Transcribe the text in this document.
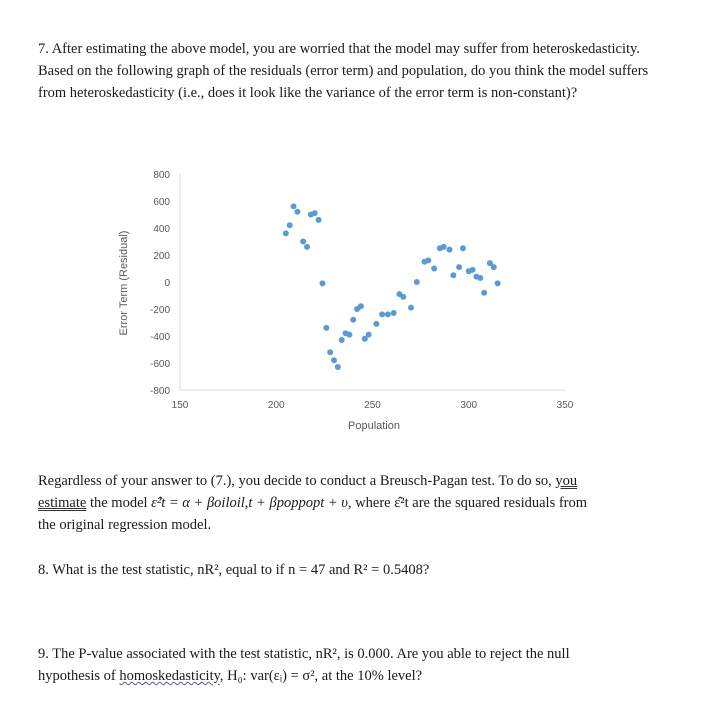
7. After estimating the above model, you are worried that the model may suffer from heteroskedasticity. Based on the following graph of the residuals (error term) and population, do you think the model suffers from heteroskedasticity (i.e., does it look like the variance of the error term is non-constant)?
800
600
400
200
0
-200
-400
-600
-800
150	200	250	300	350
Population
Error Term (Residual)
Regardless of your answer to (7.), you decide to conduct a Breusch-Pagan test. To do so, you
estimate the model ε̂²t = α + βoiloil,t + βpoppopt + υ, where ε̂²t are the squared residuals from
the original regression model.
8. What is the test statistic, nR², equal to if n = 47 and R² = 0.5408?
9. The P-value associated with the test statistic, nR², is 0.000. Are you able to reject the null
hypothesis of homoskedasticity, H₀: var(εᵢ) = σ², at the 10% level?
